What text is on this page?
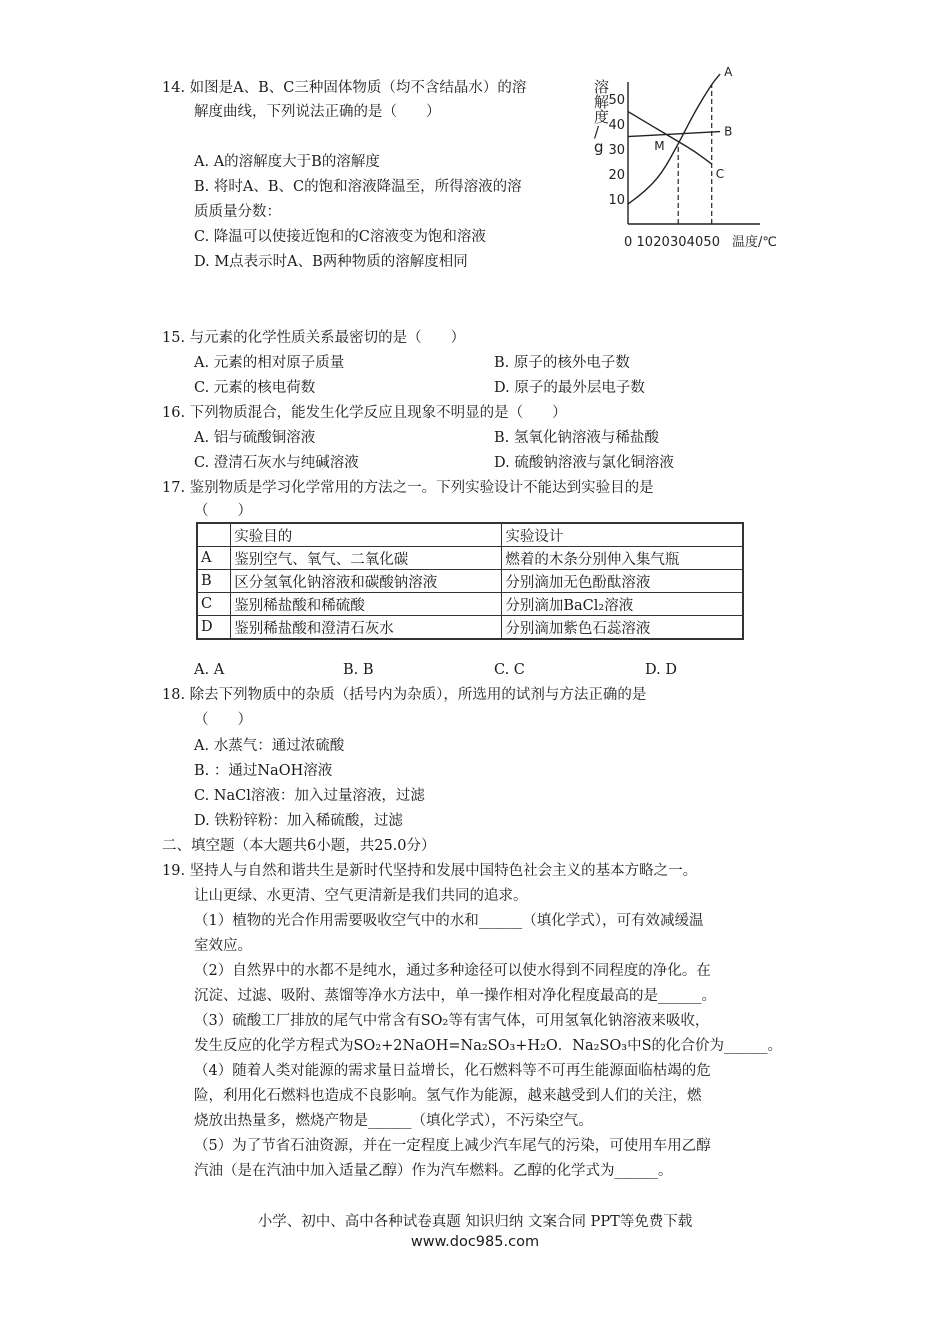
14. 如图是A、B、C三种固体物质（均不含结晶水）的溶
解度曲线，下列说法正确的是（　　）
A. A的溶解度大于B的溶解度
B. 将时A、B、C的饱和溶液降温至，所得溶液的溶
质质量分数：
C. 降温可以使接近饱和的C溶液变为饱和溶液
D. M点表示时A、B两种物质的溶解度相同
溶
解
度
/
g
50
40
30
20
10
10 20 30 40 50
A
B
C
0	温度/℃
M
15. 与元素的化学性质关系最密切的是（　　）
A. 元素的相对原子质量	B. 原子的核外电子数
C. 元素的核电荷数	D. 原子的最外层电子数
16. 下列物质混合，能发生化学反应且现象不明显的是（　　）
A. 铝与硫酸铜溶液	B. 氢氧化钠溶液与稀盐酸
C. 澄清石灰水与纯碱溶液	D. 硫酸钠溶液与氯化铜溶液
17. 鉴别物质是学习化学常用的方法之一。下列实验设计不能达到实验目的是
（　　）
	实验目的	实验设计
A	鉴别空气、氧气、二氧化碳	燃着的木条分别伸入集气瓶
B	区分氢氧化钠溶液和碳酸钠溶液	分别滴加无色酚酞溶液
C	鉴别稀盐酸和稀硫酸	分别滴加BaCl₂溶液
D	鉴别稀盐酸和澄清石灰水	分别滴加紫色石蕊溶液
A. A	B. B	C. C	D. D
18. 除去下列物质中的杂质（括号内为杂质），所选用的试剂与方法正确的是
（　　）
A. 水蒸气：通过浓硫酸
B. ：通过NaOH溶液
C. NaCl溶液：加入过量溶液，过滤
D. 铁粉锌粉：加入稀硫酸，过滤
二、填空题（本大题共6小题，共25.0分）
19. 坚持人与自然和谐共生是新时代坚持和发展中国特色社会主义的基本方略之一。
让山更绿、水更清、空气更清新是我们共同的追求。
（1）植物的光合作用需要吸收空气中的水和______（填化学式），可有效减缓温
室效应。
（2）自然界中的水都不是纯水，通过多种途径可以使水得到不同程度的净化。在
沉淀、过滤、吸附、蒸馏等净水方法中，单一操作相对净化程度最高的是______。
（3）硫酸工厂排放的尾气中常含有SO₂等有害气体，可用氢氧化钠溶液来吸收，
发生反应的化学方程式为SO₂+2NaOH=Na₂SO₃+H₂O．Na₂SO₃中S的化合价为______。
（4）随着人类对能源的需求量日益增长，化石燃料等不可再生能源面临枯竭的危
险，利用化石燃料也造成不良影响。氢气作为能源，越来越受到人们的关注，燃
烧放出热量多，燃烧产物是______（填化学式），不污染空气。
（5）为了节省石油资源，并在一定程度上减少汽车尾气的污染，可使用车用乙醇
汽油（是在汽油中加入适量乙醇）作为汽车燃料。乙醇的化学式为______。
小学、初中、高中各种试卷真题 知识归纳 文案合同 PPT等免费下载
www.doc985.com
